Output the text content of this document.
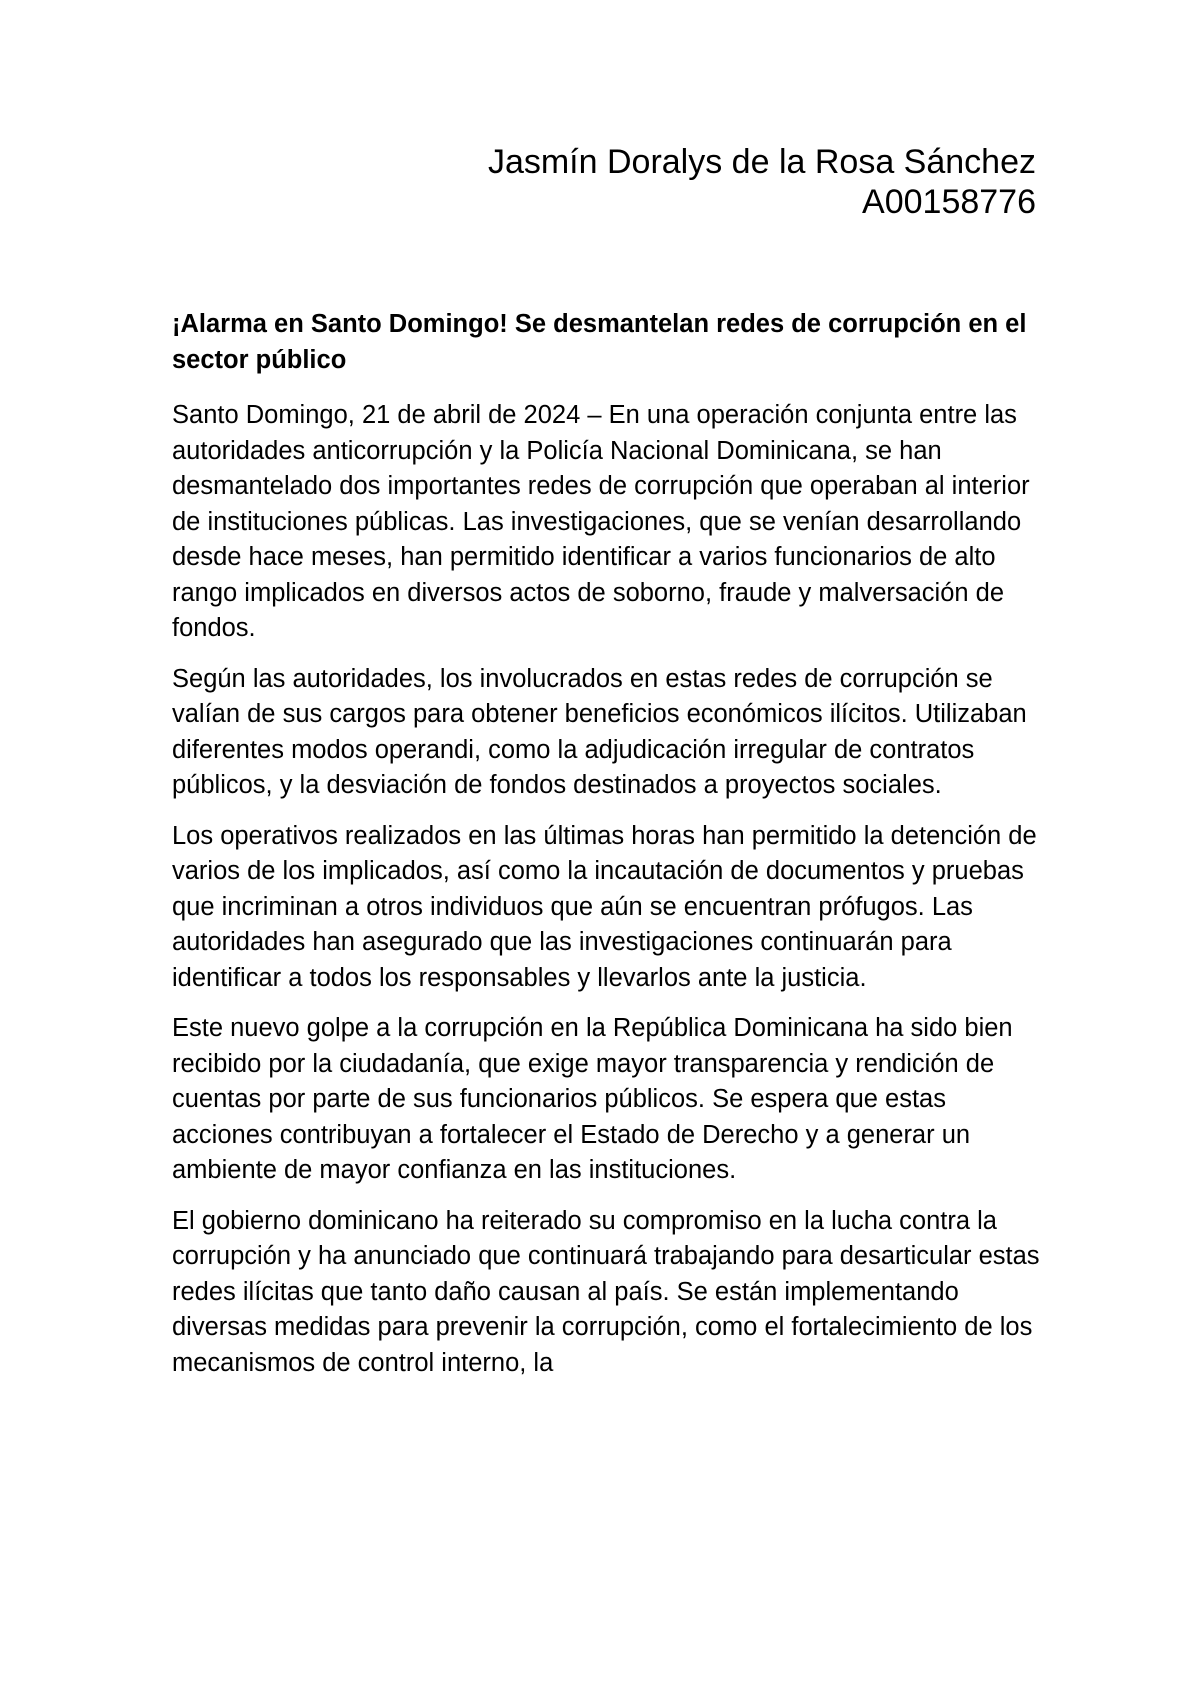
Jasmín Doralys de la Rosa Sánchez
A00158776
¡Alarma en Santo Domingo! Se desmantelan redes de corrupción en el sector público

Santo Domingo, 21 de abril de 2024 – En una operación conjunta entre las autoridades anticorrupción y la Policía Nacional Dominicana, se han desmantelado dos importantes redes de corrupción que operaban al interior de instituciones públicas. Las investigaciones, que se venían desarrollando desde hace meses, han permitido identificar a varios funcionarios de alto rango implicados en diversos actos de soborno, fraude y malversación de fondos.

Según las autoridades, los involucrados en estas redes de corrupción se valían de sus cargos para obtener beneficios económicos ilícitos. Utilizaban diferentes modos operandi, como la adjudicación irregular de contratos públicos, y la desviación de fondos destinados a proyectos sociales.

Los operativos realizados en las últimas horas han permitido la detención de varios de los implicados, así como la incautación de documentos y pruebas que incriminan a otros individuos que aún se encuentran prófugos. Las autoridades han asegurado que las investigaciones continuarán para identificar a todos los responsables y llevarlos ante la justicia.

Este nuevo golpe a la corrupción en la República Dominicana ha sido bien recibido por la ciudadanía, que exige mayor transparencia y rendición de cuentas por parte de sus funcionarios públicos. Se espera que estas acciones contribuyan a fortalecer el Estado de Derecho y a generar un ambiente de mayor confianza en las instituciones.

El gobierno dominicano ha reiterado su compromiso en la lucha contra la corrupción y ha anunciado que continuará trabajando para desarticular estas redes ilícitas que tanto daño causan al país. Se están implementando diversas medidas para prevenir la corrupción, como el fortalecimiento de los mecanismos de control interno, la
